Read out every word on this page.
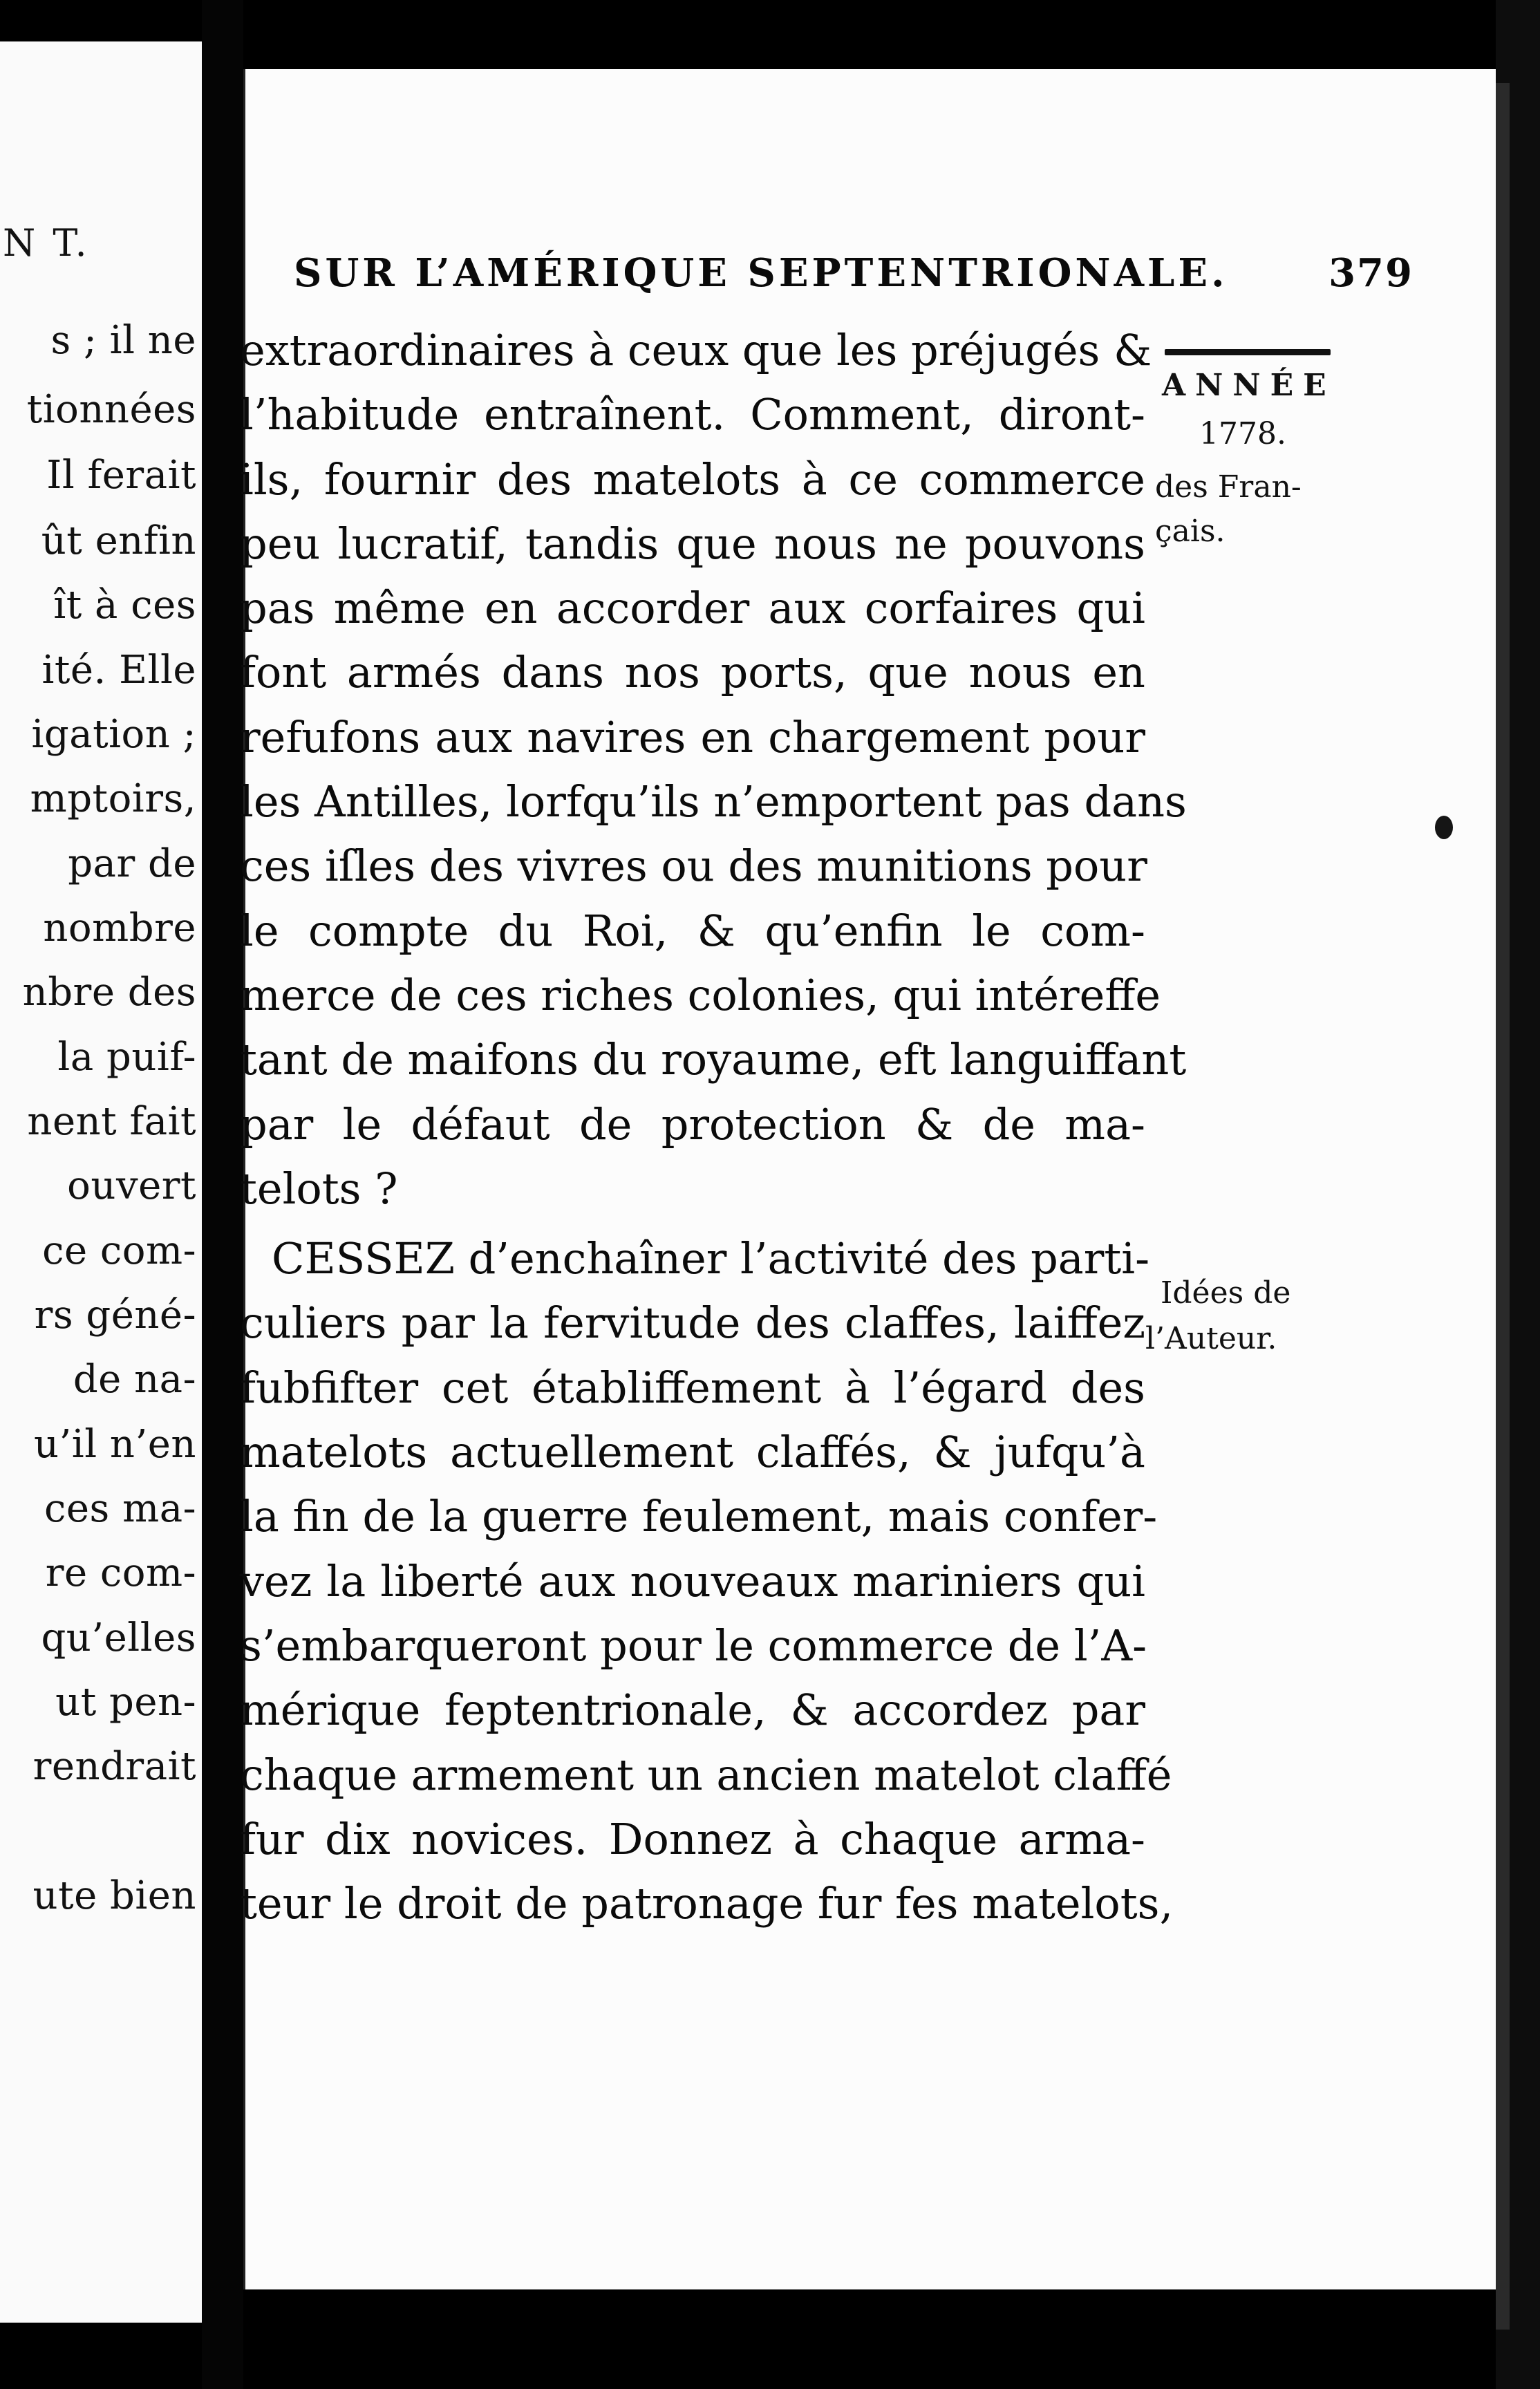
N T.
s ; il ne
tionnées
Il ferait
ût enfin
ît à ces
ité. Elle
igation ;
mptoirs,
par de
nombre
nbre des
la puif-
nent fait
ouvert
ce com-
rs géné-
de na-
u’il n’en
ces ma-
re com-
qu’elles
ut pen-
rendrait
ute bien
SUR L’AMÉRIQUE SEPTENTRIONALE.	379
extraordinaires à ceux que les préjugés &
l’habitude entraînent. Comment, diront-
ils, fournir des matelots à ce commerce
peu lucratif, tandis que nous ne pouvons
pas même en accorder aux corfaires qui
font armés dans nos ports, que nous en
refufons aux navires en chargement pour
les Antilles, lorfqu’ils n’emportent pas dans
ces iſles des vivres ou des munitions pour
le compte du Roi, & qu’enfin le com-
merce de ces riches colonies, qui intéreffe
tant de maifons du royaume, eft languiffant
par le défaut de protection & de ma-
telots ?
CESSEZ d’enchaîner l’activité des parti-
culiers par la fervitude des claffes, laiffez
fubfifter cet établiffement à l’égard des
matelots actuellement claffés, & jufqu’à
la fin de la guerre feulement, mais confer-
vez la liberté aux nouveaux mariniers qui
s’embarqueront pour le commerce de l’A-
mérique feptentrionale, & accordez par
chaque armement un ancien matelot claffé
fur dix novices. Donnez à chaque arma-
teur le droit de patronage fur fes matelots,
ANNÉE
1778.
des Fran-
çais.
Idées de
l’Auteur.
